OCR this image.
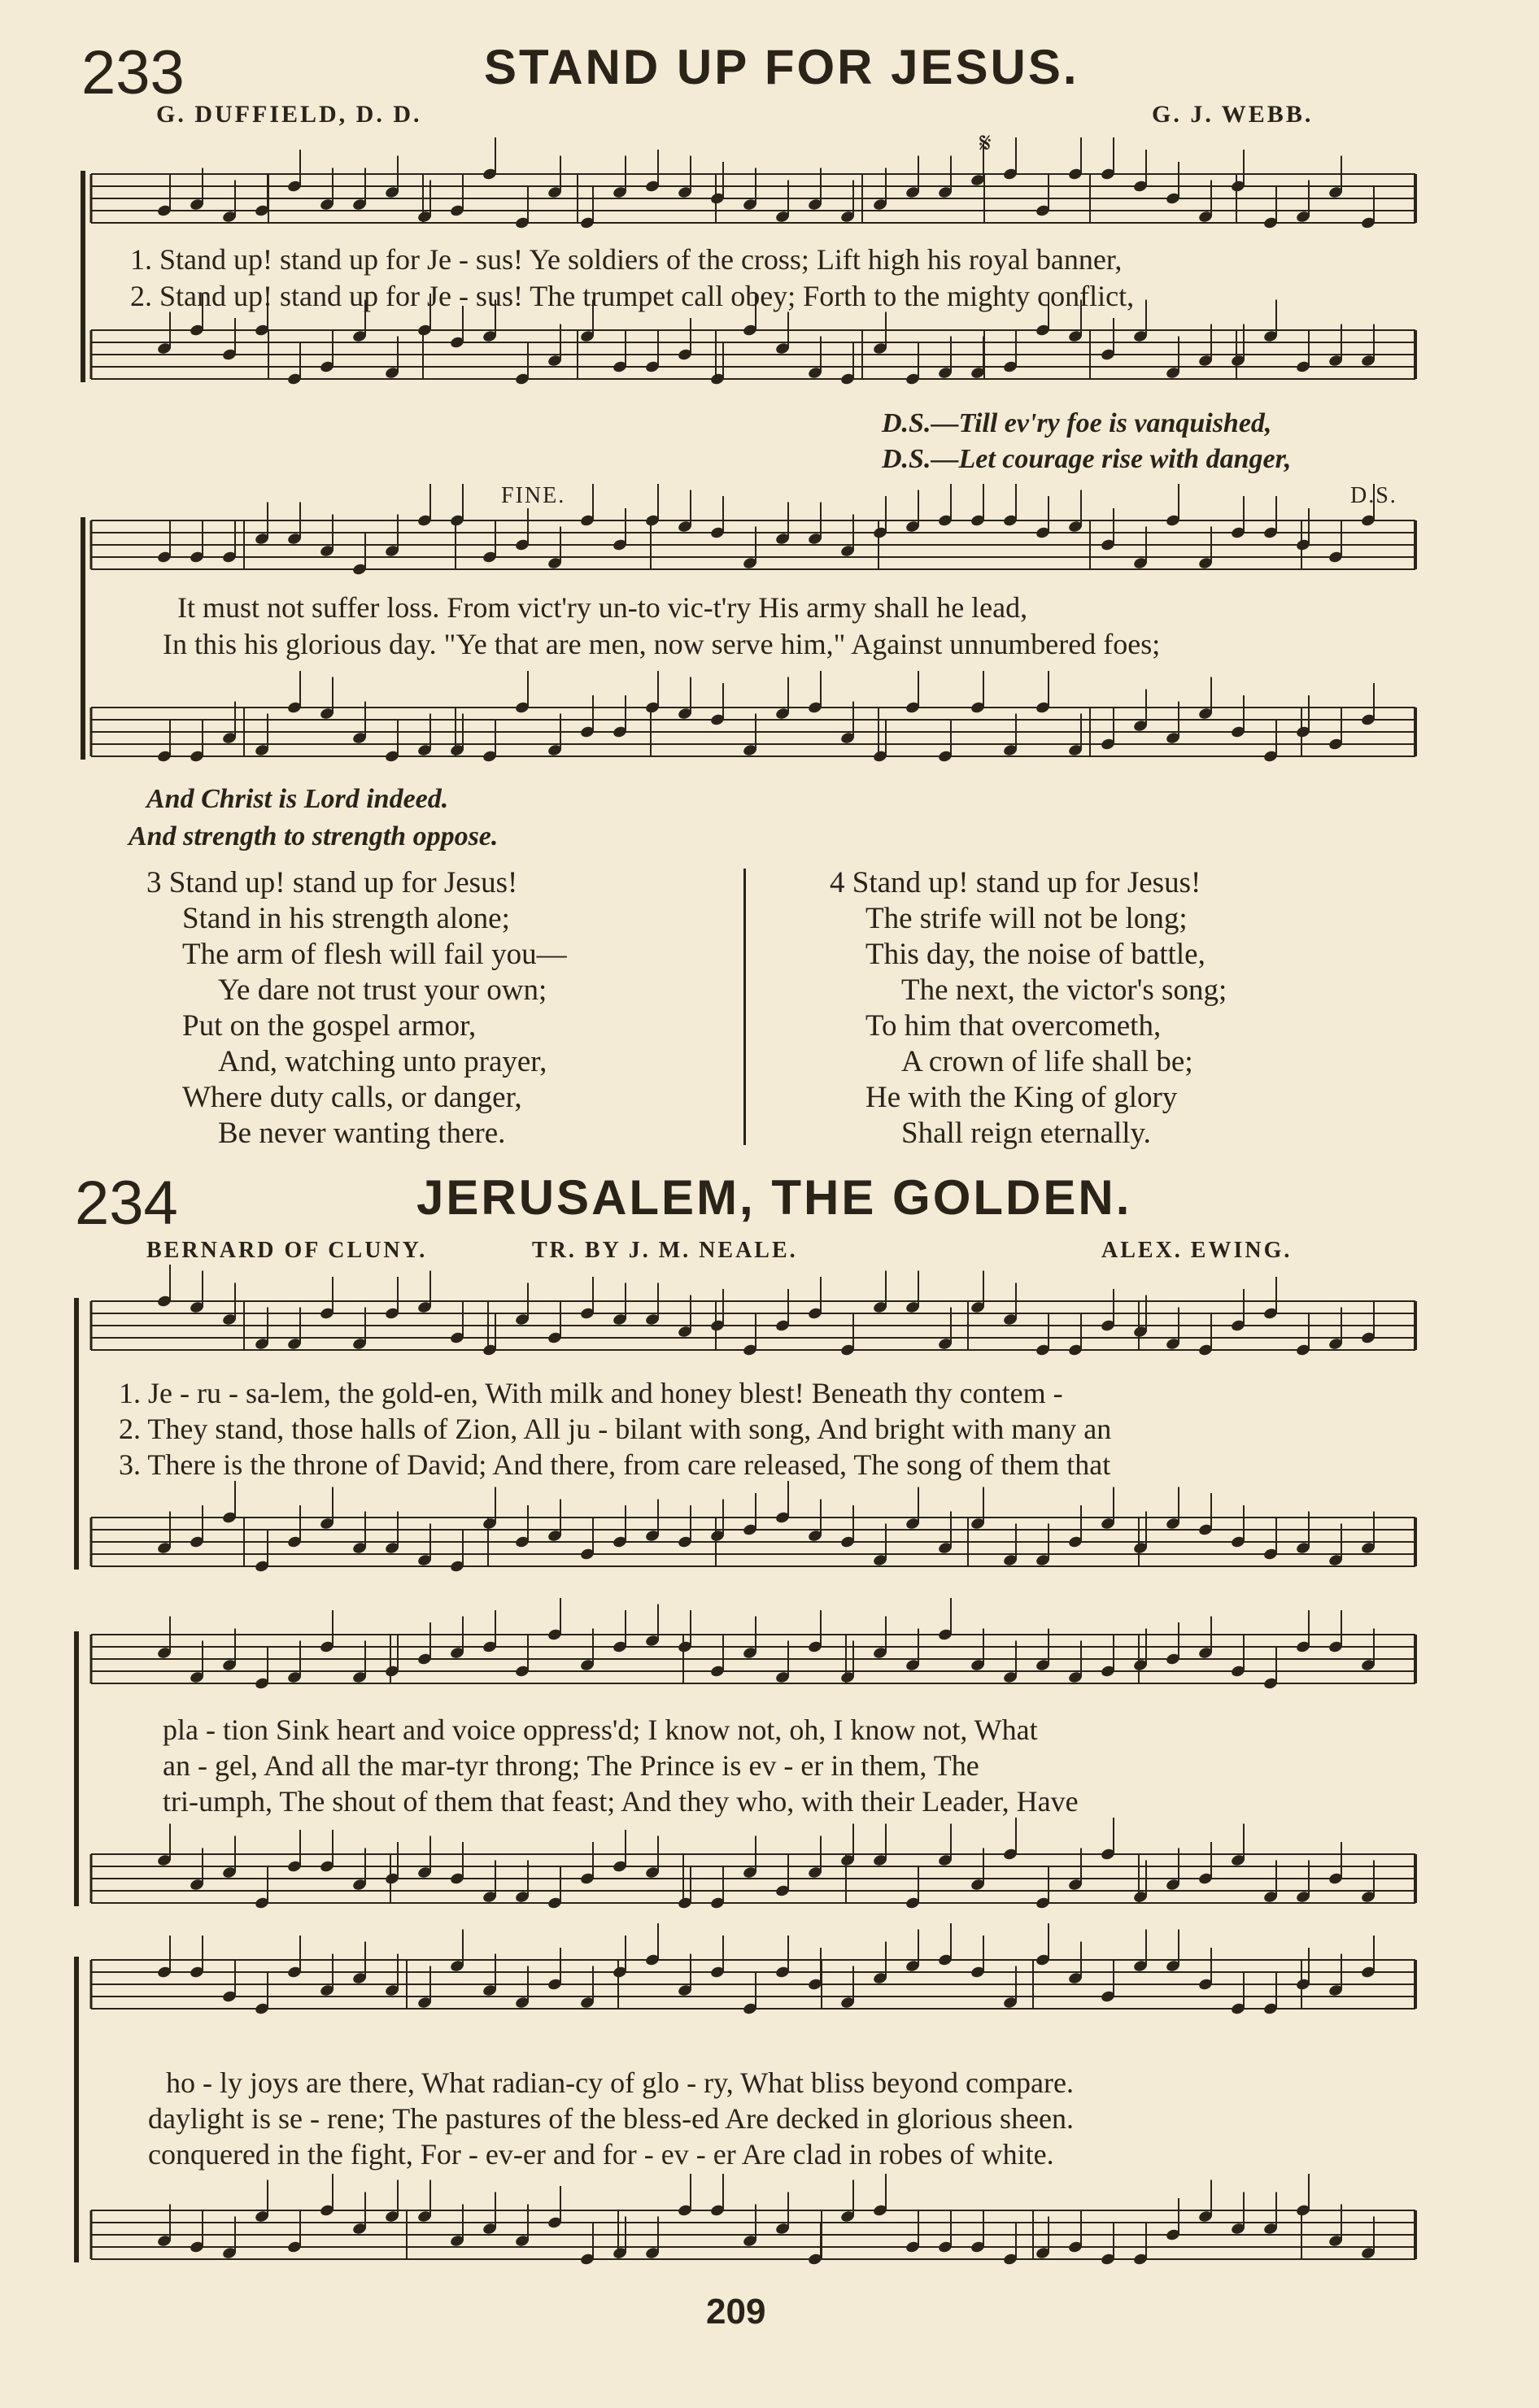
233	STAND UP FOR JESUS.
G. DUFFIELD, D. D.	G. J. WEBB.
𝄋
1. Stand up! stand up for Je - sus! Ye soldiers of the cross; Lift high his royal banner,
2. Stand up! stand up for Je - sus! The trumpet call obey; Forth to the mighty conflict,
D.S.—Till ev'ry foe is vanquished,
D.S.—Let courage rise with danger,
FINE.	D.S.
It must not suffer loss. From vict'ry un-to vic-t'ry His army shall he lead,
In this his glorious day. "Ye that are men, now serve him," Against unnumbered foes;
And Christ is Lord indeed.
And strength to strength oppose.
3 Stand up! stand up for Jesus!
Stand in his strength alone;
The arm of flesh will fail you—
Ye dare not trust your own;
Put on the gospel armor,
And, watching unto prayer,
Where duty calls, or danger,
Be never wanting there.
4 Stand up! stand up for Jesus!
The strife will not be long;
This day, the noise of battle,
The next, the victor's song;
To him that overcometh,
A crown of life shall be;
He with the King of glory
Shall reign eternally.
234	JERUSALEM, THE GOLDEN.
BERNARD OF CLUNY.	TR. BY J. M. NEALE.	ALEX. EWING.
1. Je - ru - sa-lem, the gold-en, With milk and honey blest! Beneath thy contem -
2. They stand, those halls of Zion, All ju - bilant with song, And bright with many an
3. There is the throne of David; And there, from care released, The song of them that
pla - tion Sink heart and voice oppress'd; I know not, oh, I know not, What
an - gel, And all the mar-tyr throng; The Prince is ev - er in them, The
tri-umph, The shout of them that feast; And they who, with their Leader, Have
ho - ly joys are there, What radian-cy of glo - ry, What bliss beyond compare.
daylight is se - rene; The pastures of the bless-ed Are decked in glorious sheen.
conquered in the fight, For - ev-er and for - ev - er Are clad in robes of white.
209
